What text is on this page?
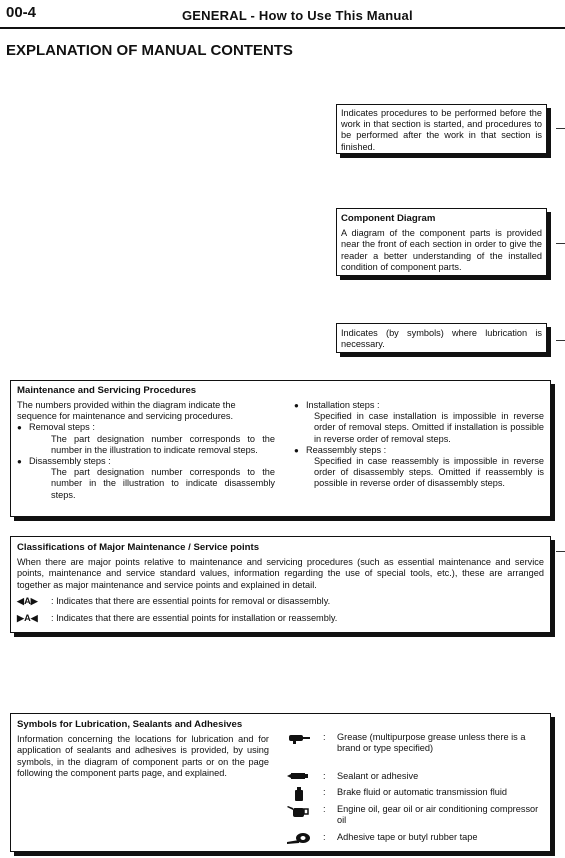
00-4	GENERAL - How to Use This Manual
EXPLANATION OF MANUAL CONTENTS

Indicates procedures to be performed before the work in that section is started, and procedures to be performed after the work in that section is finished.

Component Diagram

A diagram of the component parts is provided near the front of each section in order to give the reader a better understanding of the installed condition of component parts.

Indicates (by symbols) where lubrication is necessary.

Maintenance and Servicing Procedures

The numbers provided within the diagram indicate the sequence for maintenance and servicing procedures.

● Removal steps :

The part designation number corresponds to the number in the illustration to indicate removal steps.

● Disassembly steps :

The part designation number corresponds to the number in the illustration to indicate disassembly steps.

● Installation steps :

Specified in case installation is impossible in reverse order of removal steps. Omitted if installation is possible in reverse order of removal steps.

● Reassembly steps :

Specified in case reassembly is impossible in reverse order of disassembly steps. Omitted if reassembly is possible in reverse order of disassembly steps.

Classifications of Major Maintenance / Service points

When there are major points relative to maintenance and servicing procedures (such as essential maintenance and service points, maintenance and service standard values, information regarding the use of special tools, etc.), these are arranged together as major maintenance and service points and explained in detail.

◀A▶	: Indicates that there are essential points for removal or disassembly.
▶A◀	: Indicates that there are essential points for installation or reassembly.

Symbols for Lubrication, Sealants and Adhesives

Information concerning the locations for lubrication and for application of sealants and adhesives is provided, by using symbols, in the diagram of component parts or on the page following the component parts page, and explained.

:	Grease (multipurpose grease unless there is a brand or type specified)
:	Sealant or adhesive
:	Brake fluid or automatic transmission fluid
:	Engine oil, gear oil or air conditioning compressor oil
:	Adhesive tape or butyl rubber tape
